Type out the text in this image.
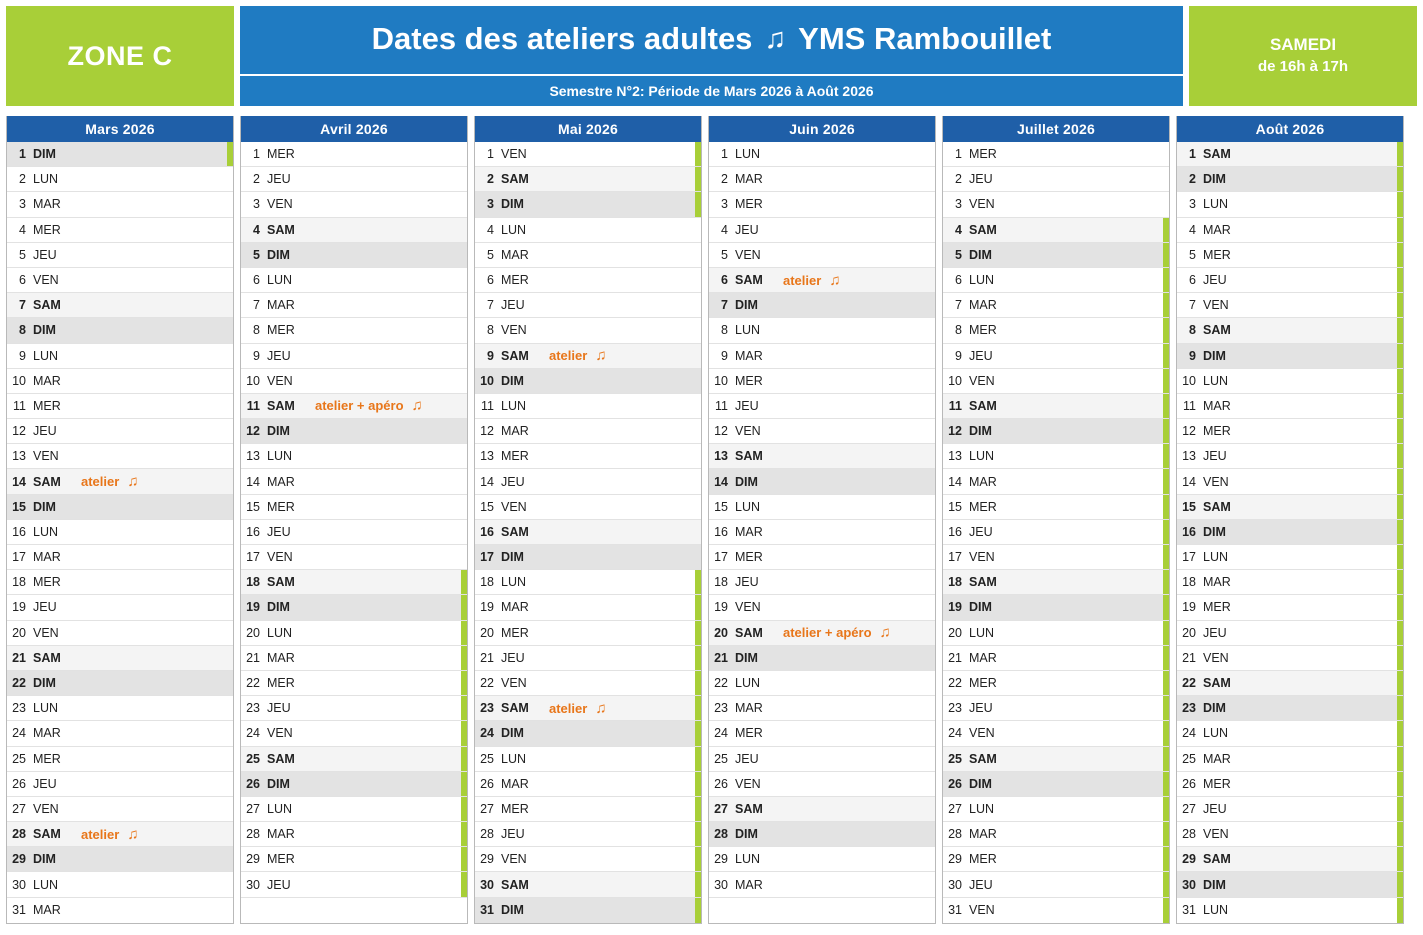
ZONE C	Dates des ateliers adultes ♫ YMS Rambouillet
Semestre N°2: Période de Mars 2026 à Août 2026
SAMEDI
de 16h à 17h
Mars 2026
1 DIM
2 LUN
3 MAR
4 MER
5 JEU
6 VEN
7 SAM
8 DIM
9 LUN
10 MAR
11 MER
12 JEU
13 VEN
14 SAM	atelier ♫
15 DIM
16 LUN
17 MAR
18 MER
19 JEU
20 VEN
21 SAM
22 DIM
23 LUN
24 MAR
25 MER
26 JEU
27 VEN
28 SAM	atelier ♫
29 DIM
30 LUN
31 MAR
Avril 2026
1 MER
2 JEU
3 VEN
4 SAM
5 DIM
6 LUN
7 MAR
8 MER
9 JEU
10 VEN
11 SAM	atelier + apéro ♫
12 DIM
13 LUN
14 MAR
15 MER
16 JEU
17 VEN
18 SAM
19 DIM
20 LUN
21 MAR
22 MER
23 JEU
24 VEN
25 SAM
26 DIM
27 LUN
28 MAR
29 MER
30 JEU
Mai 2026
1 VEN
2 SAM
3 DIM
4 LUN
5 MAR
6 MER
7 JEU
8 VEN
9 SAM	atelier ♫
10 DIM
11 LUN
12 MAR
13 MER
14 JEU
15 VEN
16 SAM
17 DIM
18 LUN
19 MAR
20 MER
21 JEU
22 VEN
23 SAM	atelier ♫
24 DIM
25 LUN
26 MAR
27 MER
28 JEU
29 VEN
30 SAM
31 DIM
Juin 2026
1 LUN
2 MAR
3 MER
4 JEU
5 VEN
6 SAM	atelier ♫
7 DIM
8 LUN
9 MAR
10 MER
11 JEU
12 VEN
13 SAM
14 DIM
15 LUN
16 MAR
17 MER
18 JEU
19 VEN
20 SAM	atelier + apéro ♫
21 DIM
22 LUN
23 MAR
24 MER
25 JEU
26 VEN
27 SAM
28 DIM
29 LUN
30 MAR
Juillet 2026
1 MER
2 JEU
3 VEN
4 SAM
5 DIM
6 LUN
7 MAR
8 MER
9 JEU
10 VEN
11 SAM
12 DIM
13 LUN
14 MAR
15 MER
16 JEU
17 VEN
18 SAM
19 DIM
20 LUN
21 MAR
22 MER
23 JEU
24 VEN
25 SAM
26 DIM
27 LUN
28 MAR
29 MER
30 JEU
31 VEN
Août 2026
1 SAM
2 DIM
3 LUN
4 MAR
5 MER
6 JEU
7 VEN
8 SAM
9 DIM
10 LUN
11 MAR
12 MER
13 JEU
14 VEN
15 SAM
16 DIM
17 LUN
18 MAR
19 MER
20 JEU
21 VEN
22 SAM
23 DIM
24 LUN
25 MAR
26 MER
27 JEU
28 VEN
29 SAM
30 DIM
31 LUN
